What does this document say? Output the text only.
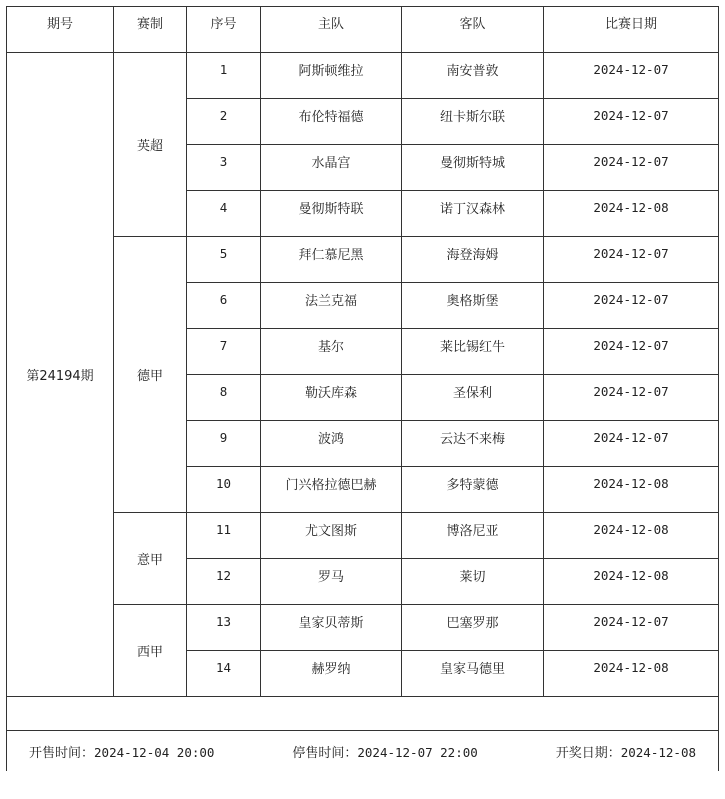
期号	赛制	序号	主队	客队	比赛日期
第24194期	英超	1	阿斯顿维拉	南安普敦	2024-12-07
		2	布伦特福德	纽卡斯尔联	2024-12-07
		3	水晶宫	曼彻斯特城	2024-12-07
		4	曼彻斯特联	诺丁汉森林	2024-12-08
	德甲	5	拜仁慕尼黑	海登海姆	2024-12-07
		6	法兰克福	奥格斯堡	2024-12-07
		7	基尔	莱比锡红牛	2024-12-07
		8	勒沃库森	圣保利	2024-12-07
		9	波鸿	云达不来梅	2024-12-07
		10	门兴格拉德巴赫	多特蒙德	2024-12-08
	意甲	11	尤文图斯	博洛尼亚	2024-12-08
		12	罗马	莱切	2024-12-08
	西甲	13	皇家贝蒂斯	巴塞罗那	2024-12-07
		14	赫罗纳	皇家马德里	2024-12-08

开售时间：2024-12-04 20:00 停售时间：2024-12-07 22:00 开奖日期：2024-12-08					
